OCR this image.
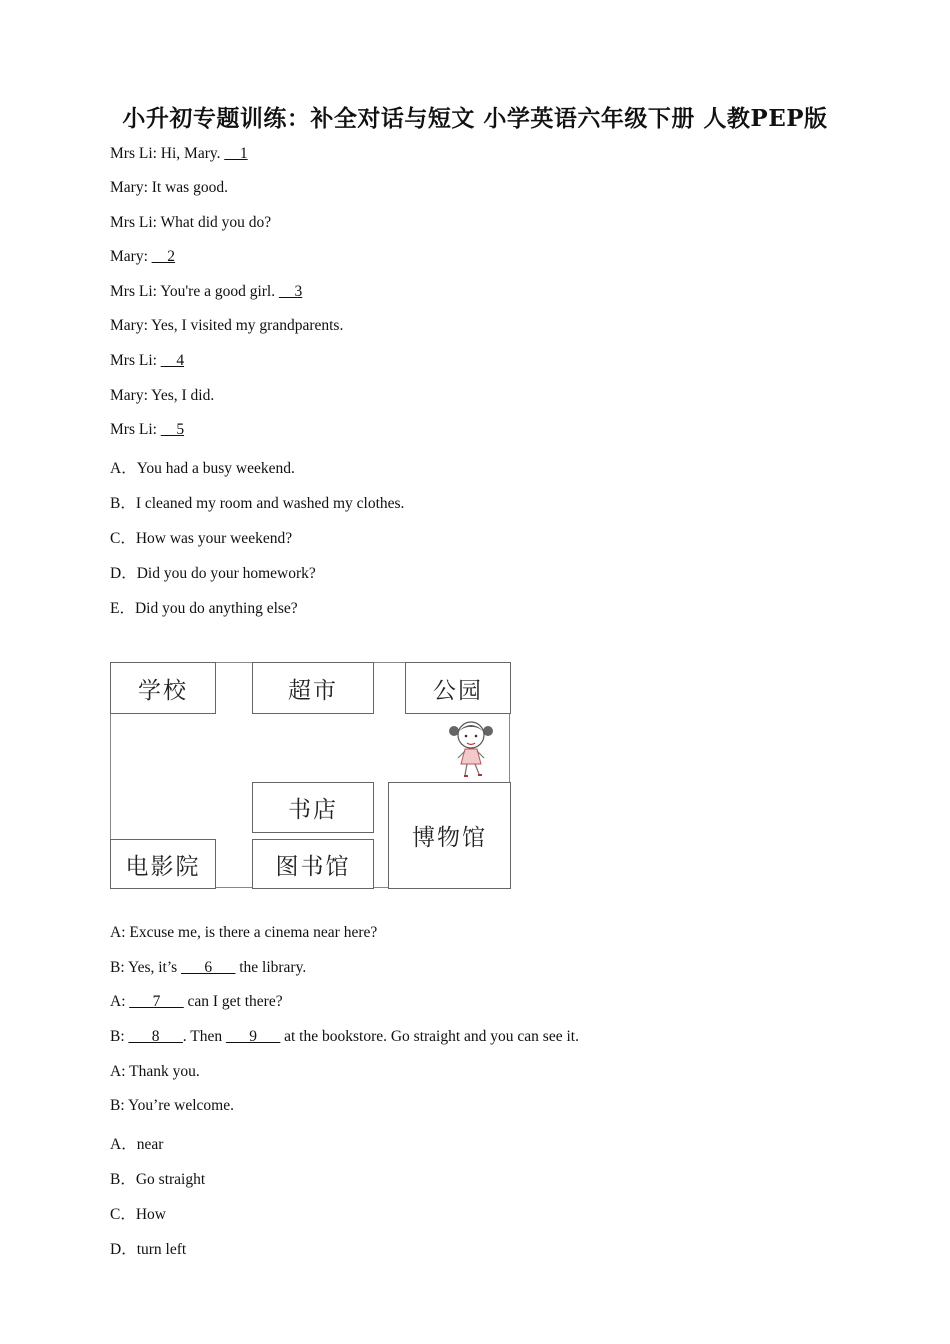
小升初专题训练：补全对话与短文 小学英语六年级下册 人教PEP版
Mrs Li: Hi, Mary. __1
Mary: It was good.
Mrs Li: What did you do?
Mary: __2
Mrs Li: You're a good girl. __3
Mary: Yes, I visited my grandparents.
Mrs Li: __4
Mary: Yes, I did.
Mrs Li: __5
A．You had a busy weekend.
B．I cleaned my room and washed my clothes.
C．How was your weekend?
D．Did you do your homework?
E．Did you do anything else?
学校	超市	公园
书店
博物馆
电影院	图书馆
A: Excuse me, is there a cinema near here?
B: Yes, it’s ___6___ the library.
A: ___7___ can I get there?
B: ___8___. Then ___9___ at the bookstore. Go straight and you can see it.
A: Thank you.
B: You’re welcome.
A．near
B．Go straight
C．How
D．turn left
